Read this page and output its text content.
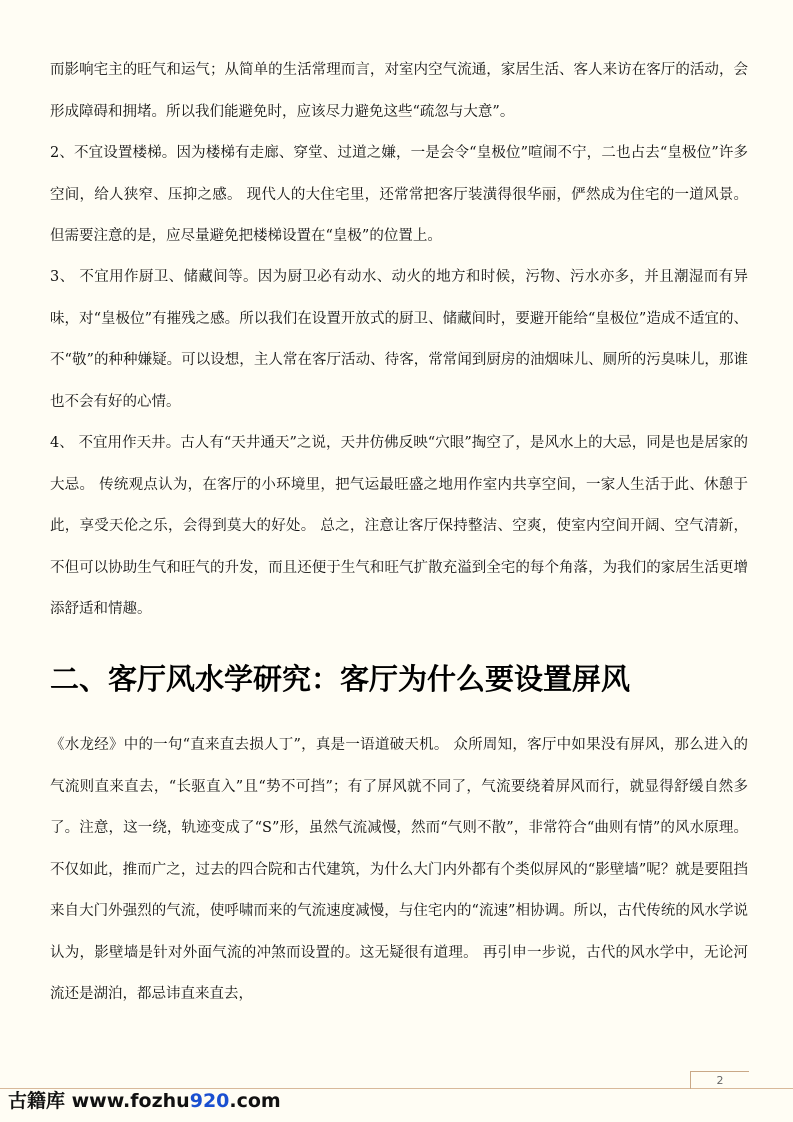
而影响宅主的旺气和运气；从简单的生活常理而言，对室内空气流通，家居生活、客人来访在客厅的活动，会形成障碍和拥堵。所以我们能避免时，应该尽力避免这些“疏忽与大意”。

2、不宜设置楼梯。因为楼梯有走廊、穿堂、过道之嫌，一是会令“皇极位”喧闹不宁，二也占去“皇极位”许多空间，给人狭窄、压抑之感。 现代人的大住宅里，还常常把客厅装潢得很华丽，俨然成为住宅的一道风景。但需要注意的是，应尽量避免把楼梯设置在“皇极”的位置上。

3、 不宜用作厨卫、储藏间等。因为厨卫必有动水、动火的地方和时候，污物、污水亦多，并且潮湿而有异味，对“皇极位”有摧残之感。所以我们在设置开放式的厨卫、储藏间时，要避开能给“皇极位”造成不适宜的、不“敬”的种种嫌疑。可以设想，主人常在客厅活动、待客，常常闻到厨房的油烟味儿、厕所的污臭味儿，那谁也不会有好的心情。

4、 不宜用作天井。古人有“天井通天”之说，天井仿佛反映“穴眼”掏空了，是风水上的大忌，同是也是居家的大忌。 传统观点认为，在客厅的小环境里，把气运最旺盛之地用作室内共享空间，一家人生活于此、休憩于此，享受天伦之乐，会得到莫大的好处。 总之，注意让客厅保持整洁、空爽，使室内空间开阔、空气清新，不但可以协助生气和旺气的升发，而且还便于生气和旺气扩散充溢到全宅的每个角落，为我们的家居生活更增添舒适和情趣。

二、客厅风水学研究：客厅为什么要设置屏风

《水龙经》中的一句“直来直去损人丁”，真是一语道破天机。 众所周知，客厅中如果没有屏风，那么进入的气流则直来直去，“长驱直入”且“势不可挡”；有了屏风就不同了，气流要绕着屏风而行，就显得舒缓自然多了。注意，这一绕，轨迹变成了“S”形，虽然气流减慢，然而“气则不散”，非常符合“曲则有情”的风水原理。 不仅如此，推而广之，过去的四合院和古代建筑，为什么大门内外都有个类似屏风的“影壁墙”呢？就是要阻挡来自大门外强烈的气流，使呼啸而来的气流速度减慢，与住宅内的“流速”相协调。所以，古代传统的风水学说认为，影壁墙是针对外面气流的冲煞而设置的。这无疑很有道理。 再引申一步说，古代的风水学中，无论河流还是湖泊，都忌讳直来直去，

2
古籍库 www.fozhu920.com
